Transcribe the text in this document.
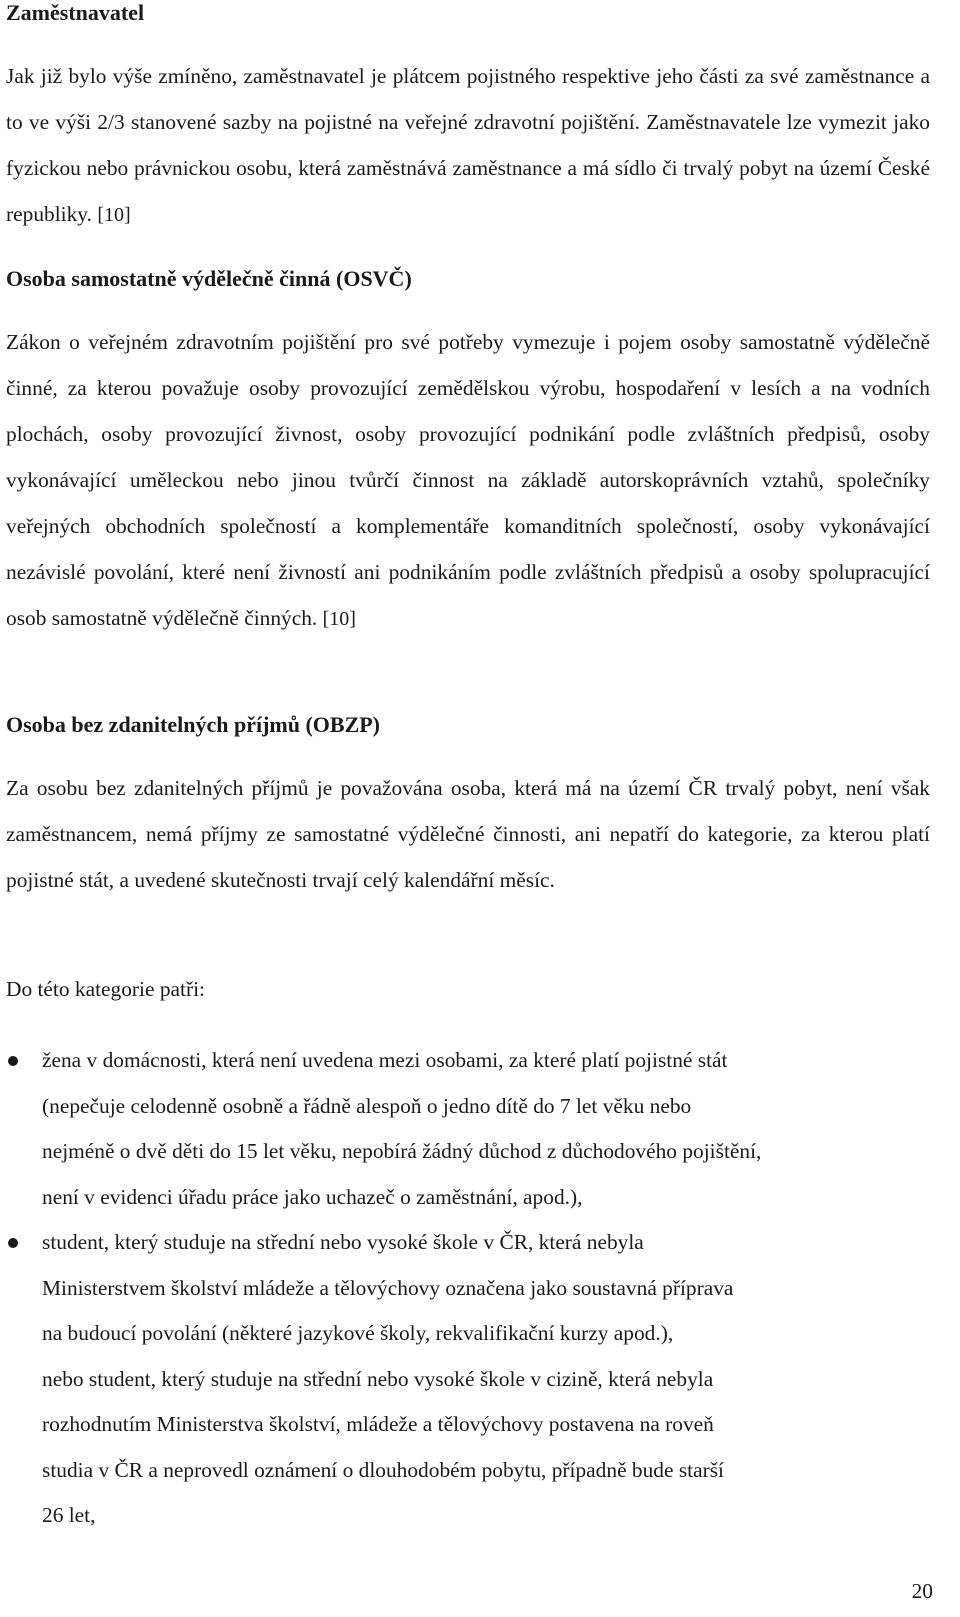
Zaměstnavatel

Jak již bylo výše zmíněno, zaměstnavatel je plátcem pojistného respektive jeho části za své zaměstnance a to ve výši 2/3 stanovené sazby na pojistné na veřejné zdravotní pojištění. Zaměstnavatele lze vymezit jako fyzickou nebo právnickou osobu, která zaměstnává zaměstnance a má sídlo či trvalý pobyt na území České republiky. [10]

Osoba samostatně výdělečně činná (OSVČ)

Zákon o veřejném zdravotním pojištění pro své potřeby vymezuje i pojem osoby samostatně výdělečně činné, za kterou považuje osoby provozující zemědělskou výrobu, hospodaření v lesích a na vodních plochách, osoby provozující živnost, osoby provozující podnikání podle zvláštních předpisů, osoby vykonávající uměleckou nebo jinou tvůrčí činnost na základě autorskoprávních vztahů, společníky veřejných obchodních společností a komplementáře komanditních společností, osoby vykonávající nezávislé povolání, které není živností ani podnikáním podle zvláštních předpisů a osoby spolupracující osob samostatně výdělečně činných. [10]

Osoba bez zdanitelných příjmů (OBZP)

Za osobu bez zdanitelných příjmů je považována osoba, která má na území ČR trvalý pobyt, není však zaměstnancem, nemá příjmy ze samostatné výdělečné činnosti, ani nepatří do kategorie, za kterou platí pojistné stát, a uvedené skutečnosti trvají celý kalendářní měsíc.

Do této kategorie patři:

žena v domácnosti, která není uvedena mezi osobami, za které platí pojistné stát
(nepečuje celodenně osobně a řádně alespoň o jedno dítě do 7 let věku nebo
nejméně o dvě děti do 15 let věku, nepobírá žádný důchod z důchodového pojištění,
není v evidenci úřadu práce jako uchazeč o zaměstnání, apod.),
student, který studuje na střední nebo vysoké škole v ČR, která nebyla
Ministerstvem školství mládeže a tělovýchovy označena jako soustavná příprava
na budoucí povolání (některé jazykové školy, rekvalifikační kurzy apod.),
nebo student, který studuje na střední nebo vysoké škole v cizině, která nebyla
rozhodnutím Ministerstva školství, mládeže a tělovýchovy postavena na roveň
studia v ČR a neprovedl oznámení o dlouhodobém pobytu, případně bude starší
26 let,
20
